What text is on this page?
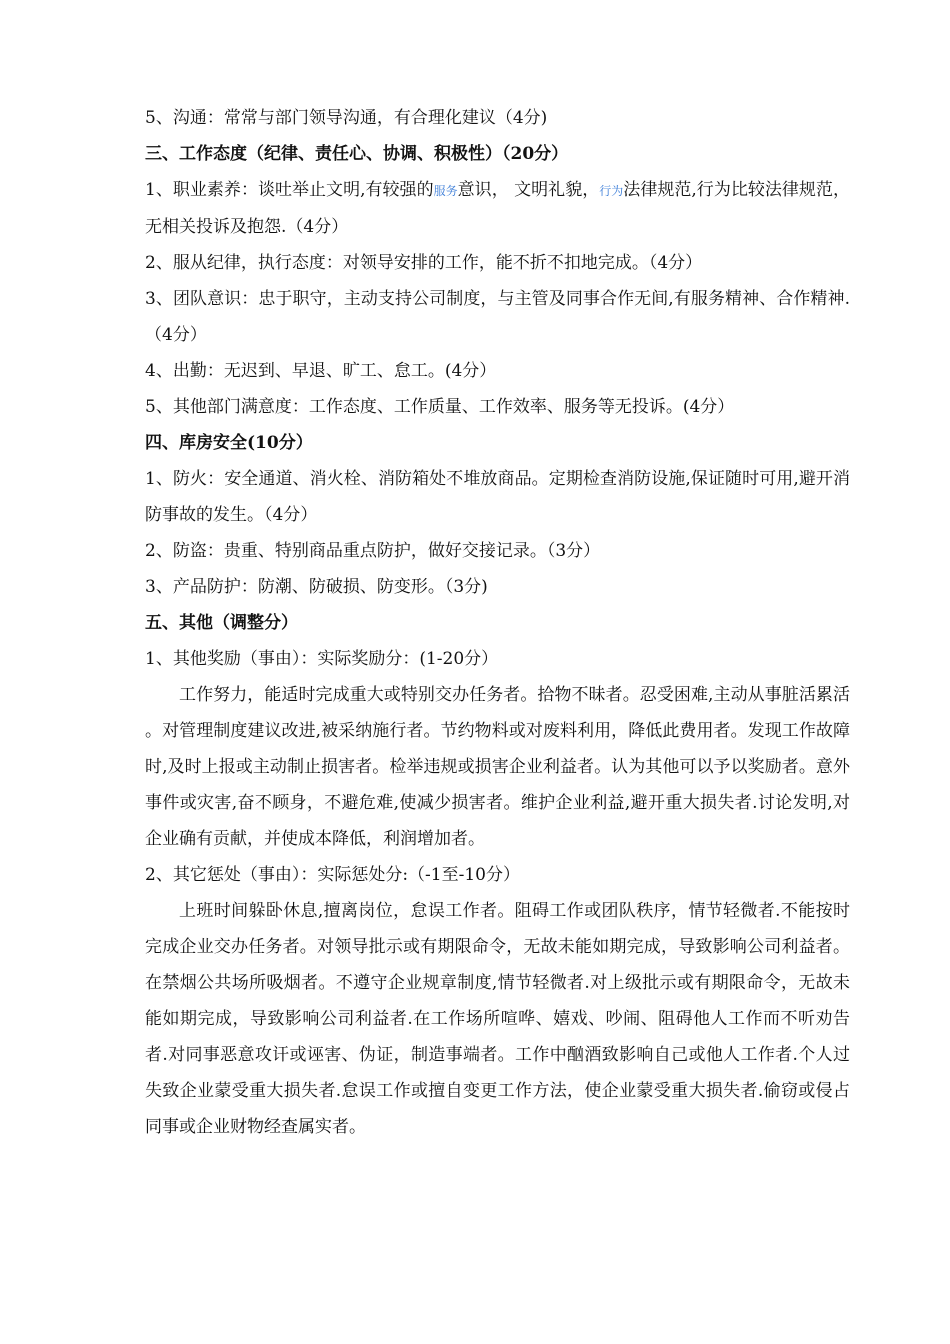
5、沟通：常常与部门领导沟通，有合理化建议（4分)
三、工作态度（纪律、责任心、协调、积极性）（20分）
1、职业素养：谈吐举止文明,有较强的服务意识， 文明礼貌，行为法律规范,行为比较法律规范，无相关投诉及抱怨.（4分）
2、服从纪律，执行态度：对领导安排的工作，能不折不扣地完成。（4分）
3、团队意识：忠于职守，主动支持公司制度，与主管及同事合作无间,有服务精神、合作精神.（4分）
4、出勤：无迟到、早退、旷工、怠工。(4分）
5、其他部门满意度：工作态度、工作质量、工作效率、服务等无投诉。(4分）
四、库房安全(10分）
1、防火：安全通道、消火栓、消防箱处不堆放商品。定期检查消防设施,保证随时可用,避开消防事故的发生。（4分）
2、防盗：贵重、特别商品重点防护，做好交接记录。（3分）
3、产品防护：防潮、防破损、防变形。（3分)
五、其他（调整分）
1、其他奖励（事由）：实际奖励分：(1-20分）
工作努力，能适时完成重大或特别交办任务者。拾物不昧者。忍受困难,主动从事脏活累活 。对管理制度建议改进,被采纳施行者。节约物料或对废料利用，降低此费用者。发现工作故障时,及时上报或主动制止损害者。检举违规或损害企业利益者。认为其他可以予以奖励者。意外事件或灾害,奋不顾身，不避危难,使减少损害者。维护企业利益,避开重大损失者.讨论发明,对企业确有贡献，并使成本降低，利润增加者。
2、其它惩处（事由）：实际惩处分:（-1至-10分）
上班时间躲卧休息,擅离岗位，怠误工作者。阻碍工作或团队秩序，情节轻微者.不能按时完成企业交办任务者。对领导批示或有期限命令，无故未能如期完成，导致影响公司利益者。在禁烟公共场所吸烟者。不遵守企业规章制度,情节轻微者.对上级批示或有期限命令，无故未能如期完成，导致影响公司利益者.在工作场所喧哗、嬉戏、吵闹、阻碍他人工作而不听劝告者.对同事恶意攻讦或诬害、伪证，制造事端者。工作中酗酒致影响自己或他人工作者.个人过失致企业蒙受重大损失者.怠误工作或擅自变更工作方法，使企业蒙受重大损失者.偷窃或侵占同事或企业财物经查属实者。
